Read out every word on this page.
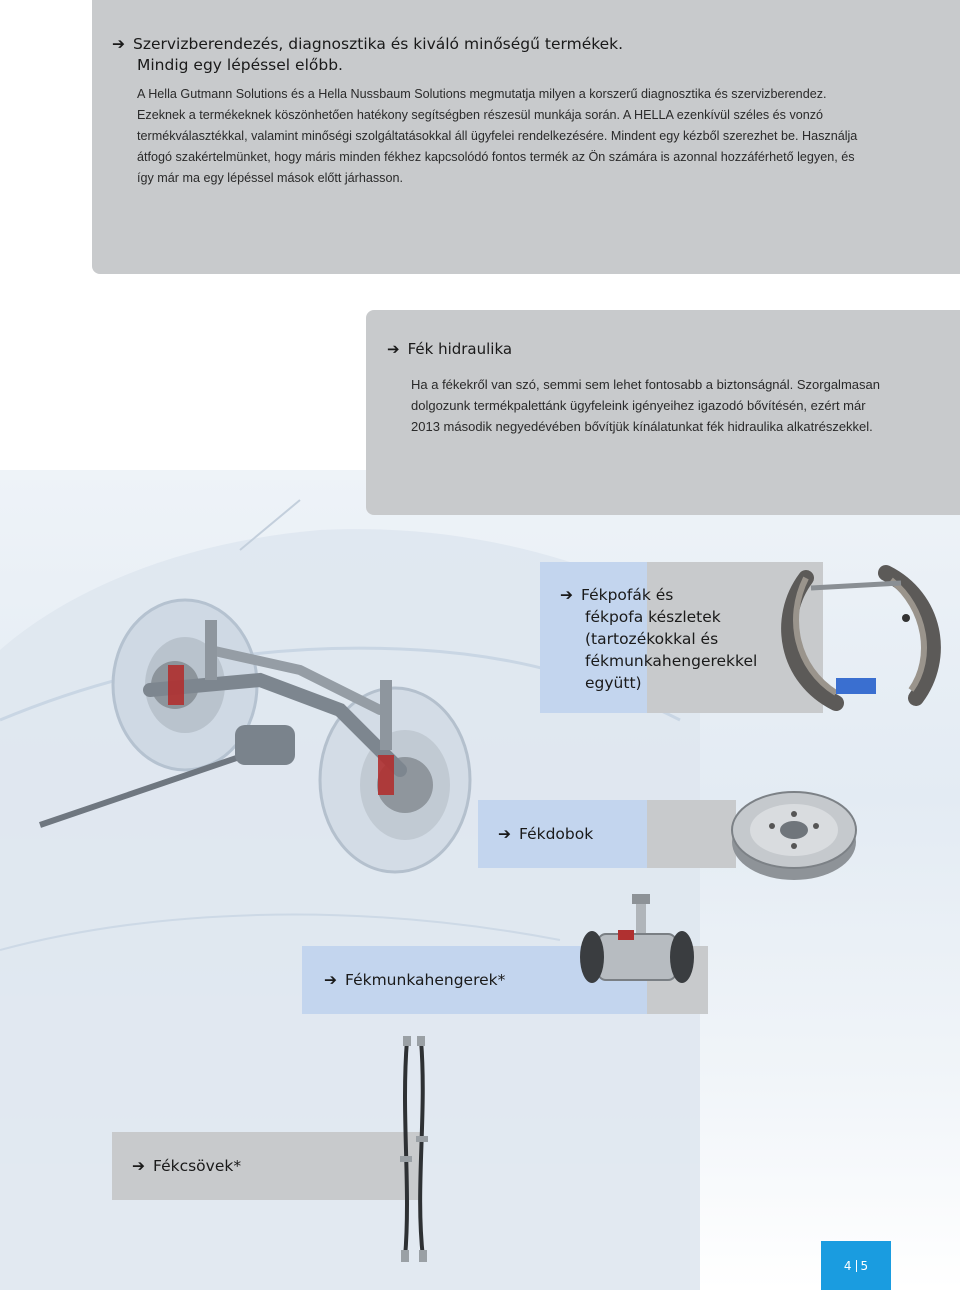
➔ Szervizberendezés, diagnosztika és kiváló minőségű termékek.
Mindig egy lépéssel előbb.

A Hella Gutmann Solutions és a Hella Nussbaum Solutions megmutatja milyen a korszerű diagnosztika és szervizberendez. Ezeknek a termékeknek köszönhetően hatékony segítségben részesül munkája során. A HELLA ezenkívül széles és vonzó termékválasztékkal, valamint minőségi szolgáltatásokkal áll ügyfelei rendelkezésére. Mindent egy kézből szerezhet be. Használja átfogó szakértelmünket, hogy máris minden fékhez kapcsolódó fontos termék az Ön számára is azonnal hozzáférhető legyen, és így már ma egy lépéssel mások előtt járhasson.

➔ Fék hidraulika

Ha a fékekről van szó, semmi sem lehet fontosabb a biztonságnál. Szorgalmasan dolgozunk termékpalettánk ügyfeleink igényeihez igazodó bővítésén, ezért már 2013 második negyedévében bővítjük kínálatunkat fék hidraulika alkatrészekkel.

➔ Fékpofák és
fékpofa készletek
(tartozékokkal és
fékmunkahengerekkel
együtt)
➔ Fékdobok
➔ Fékmunkahengerek*
➔ Fékcsövek*
4 5
